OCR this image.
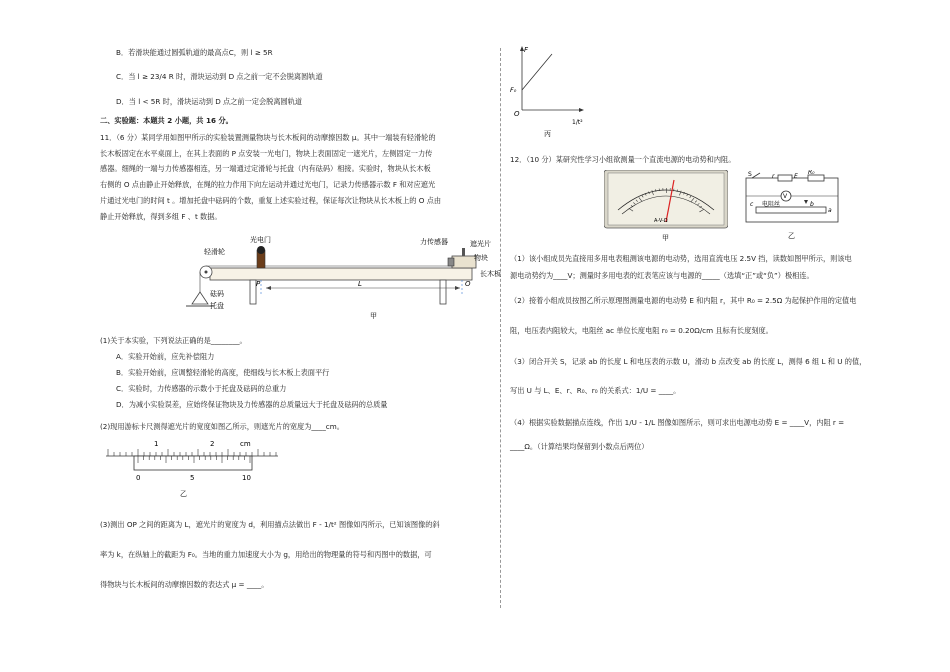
B．若滑块能通过圆弧轨道的最高点C，则 l ≥ 5R
C．当 l ≥ 23/4 R 时，滑块运动到 D 点之前一定不会脱离圆轨道
D．当 l < 5R 时，滑块运动到 D 点之前一定会脱离圆轨道
二、实验题：本题共 2 小题，共 16 分。
11．（6 分）某同学用如图甲所示的实验装置测量物块与长木板间的动摩擦因数 μ。其中一端装有轻滑轮的
长木板固定在水平桌面上，在其上表面的 P 点安装一光电门，物块上表面固定一遮光片，左侧固定一力传
感器。细绳的一端与力传感器相连，另一端通过定滑轮与托盘（内有砝码）相接。实验时，物块从长木板
右侧的 O 点由静止开始释放，在绳的拉力作用下向左运动并通过光电门，记录力传感器示数 F 和对应遮光
片通过光电门的时间 t 。增加托盘中砝码的个数，重复上述实验过程，保证每次让物块从长木板上的 O 点由
静止开始释放，得到多组 F 、t 数据。
轻滑轮
光电门	力传感器	遮光片
物块
长木板
砝码
托盘
P	L	O
甲
(1)关于本实验，下列说法正确的是________。
A．实验开始前，应先补偿阻力
B．实验开始前，应调整轻滑轮的高度，使细线与长木板上表面平行
C．实验时，力传感器的示数小于托盘及砝码的总重力
D．为减小实验误差，应始终保证物块及力传感器的总质量远大于托盘及砝码的总质量
(2)现用游标卡尺测得遮光片的宽度如图乙所示，则遮光片的宽度为____cm。
1	2	cm
0	5	10
乙
(3)测出 OP 之间的距离为 L，遮光片的宽度为 d，利用描点法做出 F - 1/t² 图像如丙所示，已知该图像的斜
率为 k，在纵轴上的截距为 F₀。当地的重力加速度大小为 g，用给出的物理量的符号和丙图中的数据，可
得物块与长木板间的动摩擦因数的表达式 μ = ____。
F
F₀
O
1/t²
丙
12．（10 分）某研究性学习小组欲测量一个直流电源的电动势和内阻。
A-V-Ω
甲
S	r	E
R₀
V
c 电阻丝	b
a
乙
（1）该小组成员先直接用多用电表粗测该电源的电动势，选用直流电压 2.5V 挡，读数如图甲所示，则该电
源电动势约为____V；测量时多用电表的红表笔应该与电源的_____（选填“正”或“负”）极相连。
（2）接着小组成员按图乙所示原理图测量电源的电动势 E 和内阻 r，其中 R₀ = 2.5Ω 为起保护作用的定值电
阻，电压表内阻较大，电阻丝 ac 单位长度电阻 r₀ = 0.20Ω/cm 且标有长度刻度。
（3）闭合开关 S，记录 ab 的长度 L 和电压表的示数 U，滑动 b 点改变 ab 的长度 L，测得 6 组 L 和 U 的值，
写出 U 与 L、E、r、R₀、r₀ 的关系式：1/U = ____。
（4）根据实验数据描点连线，作出 1/U - 1/L 图像如图所示，则可求出电源电动势 E = ____V，内阻 r =
____Ω。（计算结果均保留到小数点后两位）
